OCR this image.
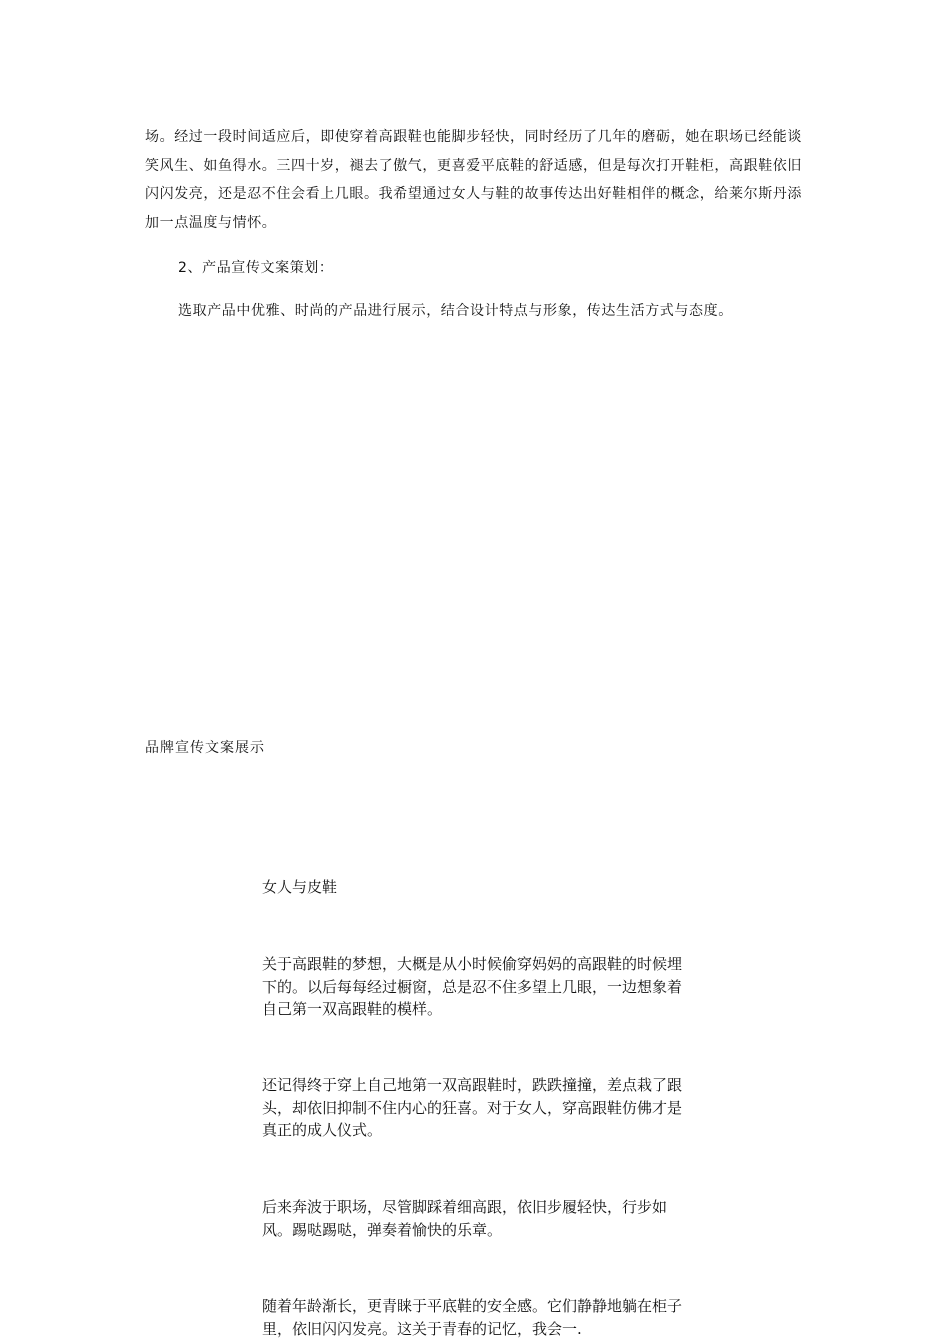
场。经过一段时间适应后，即使穿着高跟鞋也能脚步轻快，同时经历了几年的磨砺，她在职场已经能谈笑风生、如鱼得水。三四十岁，褪去了傲气，更喜爱平底鞋的舒适感，但是每次打开鞋柜，高跟鞋依旧闪闪发亮，还是忍不住会看上几眼。我希望通过女人与鞋的故事传达出好鞋相伴的概念，给莱尔斯丹添加一点温度与情怀。

2、产品宣传文案策划：

选取产品中优雅、时尚的产品进行展示，结合设计特点与形象，传达生活方式与态度。

品牌宣传文案展示

女人与皮鞋

关于高跟鞋的梦想，大概是从小时候偷穿妈妈的高跟鞋的时候埋下的。以后每每经过橱窗，总是忍不住多望上几眼，一边想象着自己第一双高跟鞋的模样。

还记得终于穿上自己地第一双高跟鞋时，跌跌撞撞，差点栽了跟头，却依旧抑制不住内心的狂喜。对于女人，穿高跟鞋仿佛才是真正的成人仪式。

后来奔波于职场，尽管脚踩着细高跟，依旧步履轻快，行步如风。踢哒踢哒，弹奏着愉快的乐章。

随着年龄渐长，更青睐于平底鞋的安全感。它们静静地躺在柜子里，依旧闪闪发亮。这关于青春的记忆，我会一.
